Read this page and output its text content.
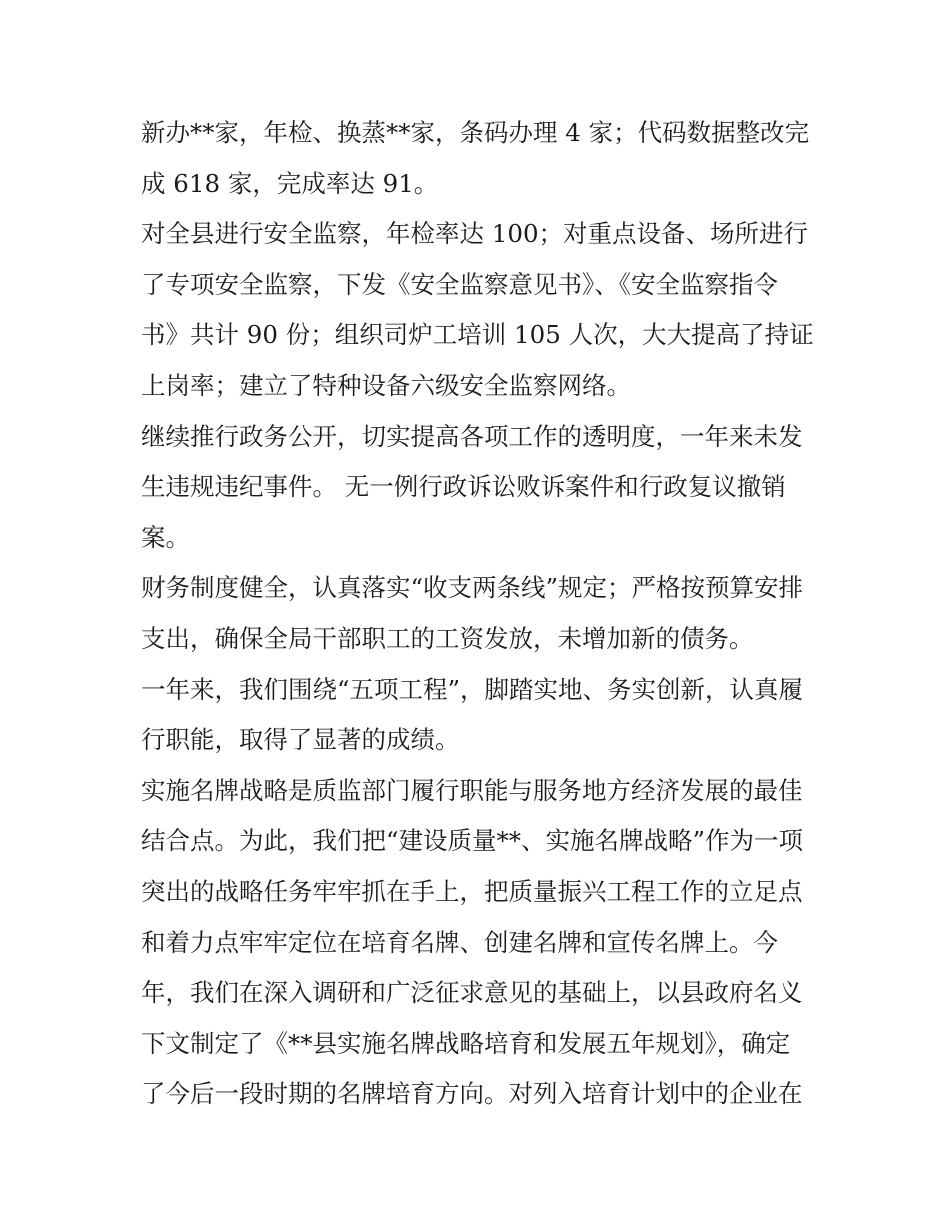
新办**家，年检、换蒸**家，条码办理 4 家；代码数据整改完
成 618 家，完成率达 91。
对全县进行安全监察，年检率达 100；对重点设备、场所进行
了专项安全监察，下发《安全监察意见书》、《安全监察指令
书》共计 90 份；组织司炉工培训 105 人次，大大提高了持证
上岗率；建立了特种设备六级安全监察网络。
继续推行政务公开，切实提高各项工作的透明度，一年来未发
生违规违纪事件。 无一例行政诉讼败诉案件和行政复议撤销
案。
财务制度健全，认真落实“收支两条线”规定；严格按预算安排
支出，确保全局干部职工的工资发放，未增加新的债务。
一年来，我们围绕“五项工程”，脚踏实地、务实创新，认真履
行职能，取得了显著的成绩。
实施名牌战略是质监部门履行职能与服务地方经济发展的最佳
结合点。为此，我们把“建设质量**、实施名牌战略”作为一项
突出的战略任务牢牢抓在手上，把质量振兴工程工作的立足点
和着力点牢牢定位在培育名牌、创建名牌和宣传名牌上。今
年，我们在深入调研和广泛征求意见的基础上，以县政府名义
下文制定了《**县实施名牌战略培育和发展五年规划》，确定
了今后一段时期的名牌培育方向。对列入培育计划中的企业在
